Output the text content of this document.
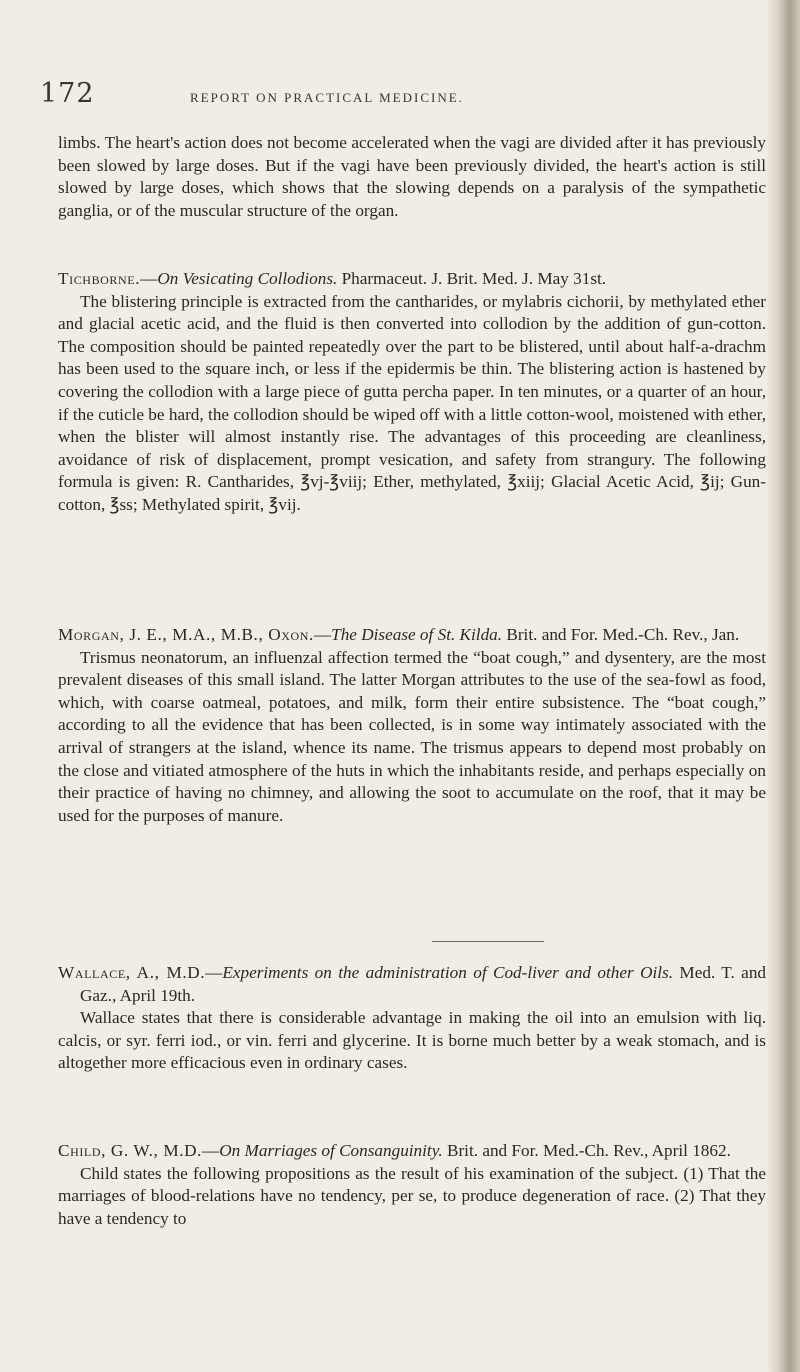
172	REPORT ON PRACTICAL MEDICINE.

limbs. The heart's action does not become accelerated when the vagi are divided after it has previously been slowed by large doses. But if the vagi have been previously divided, the heart's action is still slowed by large doses, which shows that the slowing depends on a paralysis of the sympathetic ganglia, or of the muscular structure of the organ.

Tichborne.—On Vesicating Collodions. Pharmaceut. J. Brit. Med. J. May 31st.

The blistering principle is extracted from the cantharides, or mylabris cichorii, by methylated ether and glacial acetic acid, and the fluid is then converted into collodion by the addition of gun-cotton. The composition should be painted repeatedly over the part to be blistered, until about half-a-drachm has been used to the square inch, or less if the epidermis be thin. The blistering action is hastened by covering the collodion with a large piece of gutta percha paper. In ten minutes, or a quarter of an hour, if the cuticle be hard, the collodion should be wiped off with a little cotton-wool, moistened with ether, when the blister will almost instantly rise. The advantages of this proceeding are cleanliness, avoidance of risk of displacement, prompt vesication, and safety from strangury. The following formula is given: R. Cantharides, ℥vj-℥viij; Ether, methylated, ℥xiij; Glacial Acetic Acid, ℥ij; Gun-cotton, ℥ss; Methylated spirit, ℥vij.

Morgan, J. E., M.A., M.B., Oxon.—The Disease of St. Kilda. Brit. and For. Med.-Ch. Rev., Jan.

Trismus neonatorum, an influenzal affection termed the “boat cough,” and dysentery, are the most prevalent diseases of this small island. The latter Morgan attributes to the use of the sea-fowl as food, which, with coarse oatmeal, potatoes, and milk, form their entire subsistence. The “boat cough,” according to all the evidence that has been collected, is in some way intimately associated with the arrival of strangers at the island, whence its name. The trismus appears to depend most probably on the close and vitiated atmosphere of the huts in which the inhabitants reside, and perhaps especially on their practice of having no chimney, and allowing the soot to accumulate on the roof, that it may be used for the purposes of manure.

Wallace, A., M.D.—Experiments on the administration of Cod-liver and other Oils. Med. T. and Gaz., April 19th.

Wallace states that there is considerable advantage in making the oil into an emulsion with liq. calcis, or syr. ferri iod., or vin. ferri and glycerine. It is borne much better by a weak stomach, and is altogether more efficacious even in ordinary cases.

Child, G. W., M.D.—On Marriages of Consanguinity. Brit. and For. Med.-Ch. Rev., April 1862.

Child states the following propositions as the result of his examination of the subject. (1) That the marriages of blood-relations have no tendency, per se, to produce degeneration of race. (2) That they have a tendency to
